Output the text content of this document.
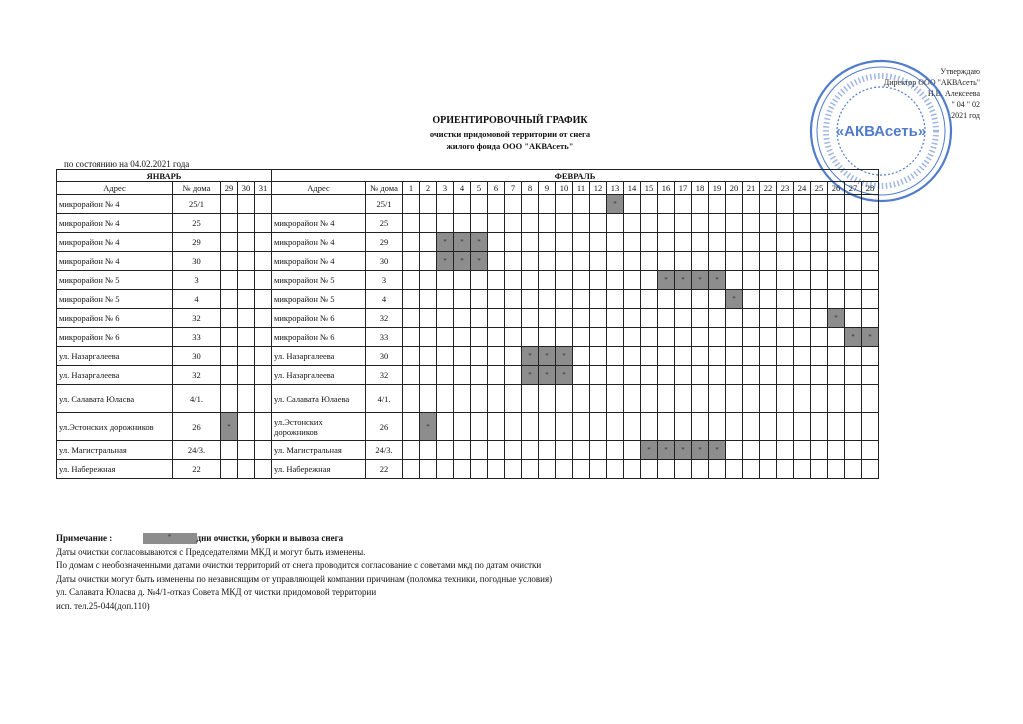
Утверждаю
Директор ООО "АКВАсеть"
Н.В. Алексеева
" 04 " 02
2021 год
«АКВАсеть»
ОРИЕНТИРОВОЧНЫЙ ГРАФИК
очистки придомовой территории от снега
жилого фонда ООО "АКВАсеть"
по состоянию на 04.02.2021 года
ЯНВАРЬ					ФЕВРАЛЬ																													
Адрес	№ дома	29	30	31	Адрес	№ дома	1	2	3	4	5	6	7	8	9	10	11	12	13	14	15	16	17	18	19	20	21	22	23	24	25	26	27	28
микрорайон № 4	25/1					25/1													*															
микрорайон № 4	25				микрорайон № 4	25																												
микрорайон № 4	29				микрорайон № 4	29			*	*	*																							
микрорайон № 4	30				микрорайон № 4	30			*	*	*																							
микрорайон № 5	3				микрорайон № 5	3																*	*	*	*									
микрорайон № 5	4				микрорайон № 5	4																				*								
микрорайон № 6	32				микрорайон № 6	32																										*		
микрорайон № 6	33				микрорайон № 6	33																											*	*
ул. Назаргалеева	30				ул. Назаргалеева	30								*	*	*																		
ул. Назаргалеева	32				ул. Назаргалеева	32								*	*	*																		
ул. Салавата Юласва	4/1.				ул. Салавата Юлаева	4/1.																												
ул.Эстонских дорожников	26	*			ул.Эстонских дорожников	26		*																										
ул. Магистральная	24/3.				ул. Магистральная	24/3.															*	*	*	*	*									
ул. Набережная	22				ул. Набережная	22																												
Примечание :	*	дни очистки, уборки и вывоза снега
Даты очистки согласовываются с Председателями МКД и могут быть изменены.
По домам с необозначенными датами очистки территорий от снега проводится согласование с советами мкд по датам очистки
Даты очистки могут быть изменены по независящим от управляющей компании причинам (поломка техники, погодные условия)
ул. Салавата Юласва д. №4/1-отказ Совета МКД от чистки придомовой территории
исп. тел.25-044(доп.110)
